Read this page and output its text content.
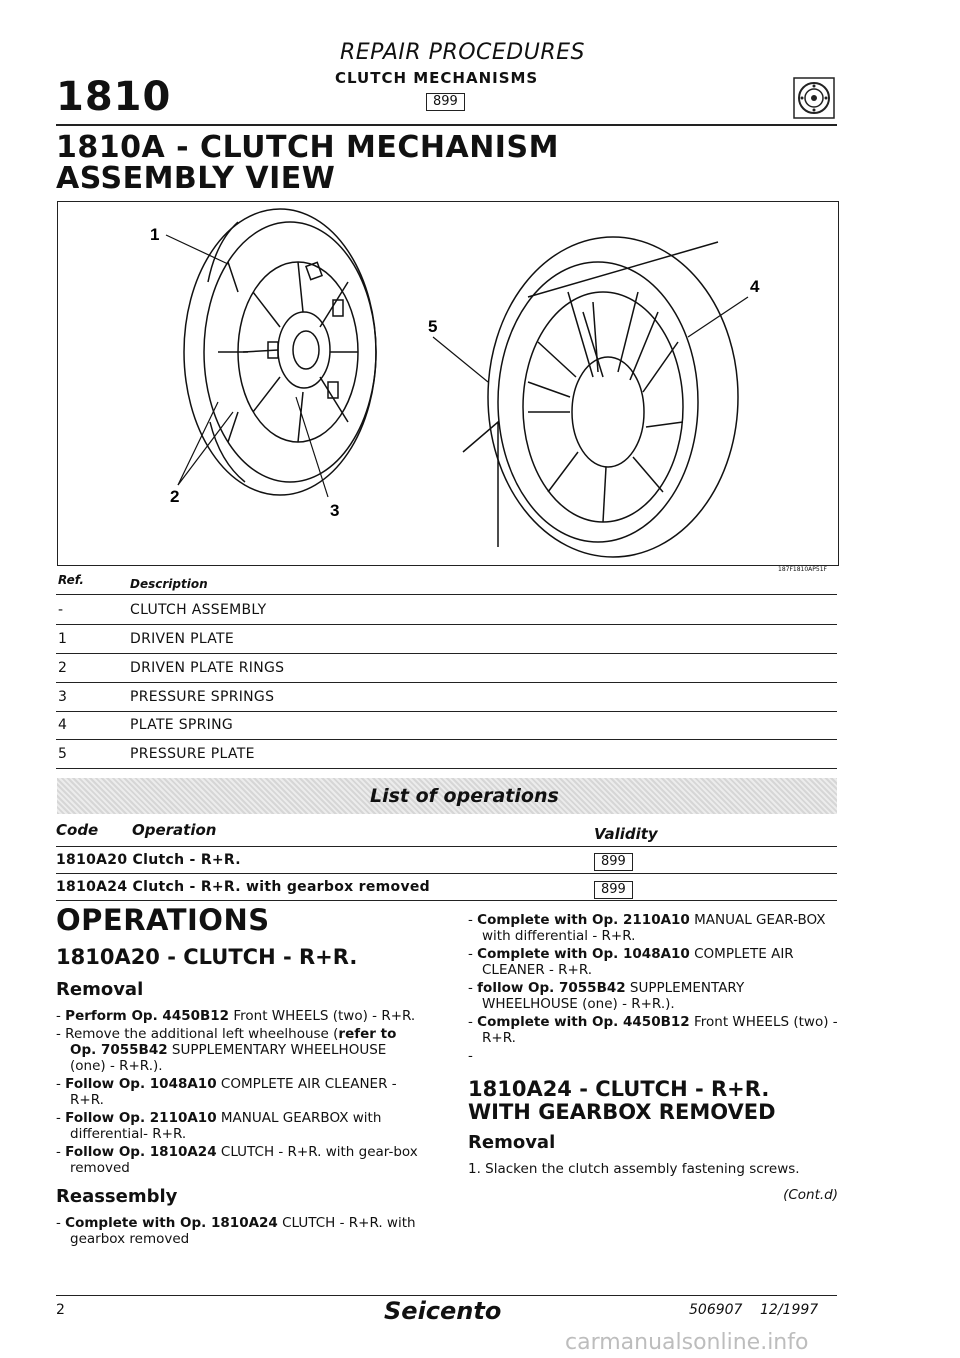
1810
REPAIR PROCEDURES
CLUTCH MECHANISMS
899
1810A - CLUTCH MECHANISM
ASSEMBLY VIEW
1
2
3
4
5
187F1810AP51F
Ref.	Description
-	CLUTCH ASSEMBLY
1	DRIVEN PLATE
2	DRIVEN PLATE RINGS
3	PRESSURE SPRINGS
4	PLATE SPRING
5	PRESSURE PLATE
List of operations
Code Operation	Validity
1810A20 Clutch - R+R.	899
1810A24 Clutch - R+R. with gearbox removed	899
OPERATIONS
1810A20 - CLUTCH - R+R.
Removal
- Perform Op. 4450B12 Front WHEELS (two) - R+R.
- Remove the additional left wheelhouse (refer to Op. 7055B42 SUPPLEMENTARY WHEELHOUSE (one) - R+R.).
- Follow Op. 1048A10 COMPLETE AIR CLEANER - R+R.
- Follow Op. 2110A10 MANUAL GEARBOX with differential- R+R.
- Follow Op. 1810A24 CLUTCH - R+R. with gear-box removed
Reassembly
- Complete with Op. 1810A24 CLUTCH - R+R. with gearbox removed
- Complete with Op. 2110A10 MANUAL GEAR-BOX with differential - R+R.
- Complete with Op. 1048A10 COMPLETE AIR CLEANER - R+R.
- follow Op. 7055B42 SUPPLEMENTARY WHEELHOUSE (one) - R+R.).
- Complete with Op. 4450B12 Front WHEELS (two) - R+R.
-
1810A24 - CLUTCH - R+R.
WITH GEARBOX REMOVED
Removal
1. Slacken the clutch assembly fastening screws.
(Cont.d)
2	Seicento	506907 12/1997
carmanualsonline.info
